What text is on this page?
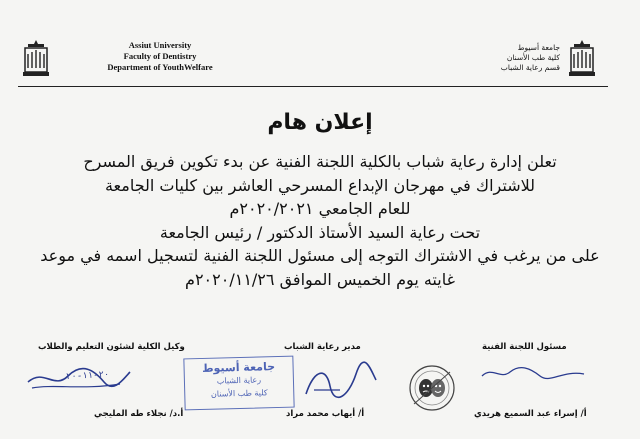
Assiut University
Faculty of Dentistry
Department of YouthWelfare
جامعة أسيوط
كلية طب الأسنان
قسم رعاية الشباب
إعلان هام
تعلن إدارة رعاية شباب بالكلية اللجنة الفنية عن بدء تكوين فريق المسرح
للاشتراك في مهرجان الإبداع المسرحي العاشر بين كليات الجامعة
للعام الجامعي ٢٠٢٠/٢٠٢١م
تحت رعاية السيد الأستاذ الدكتور / رئيس الجامعة
على من يرغب في الاشتراك التوجه إلى مسئول اللجنة الفنية لتسجيل اسمه في موعد
غايته يوم الخميس الموافق ٢٠٢٠/١١/٢٦م
وكيل الكلية لشئون التعليم والطلاب	مدير رعاية الشباب	مسئول اللجنة الفنية
٢٠-١١-٢٠
جامعة أسيوط
رعاية الشباب
كلية طب الأسنان
أ.د/ نجلاء طه المليجي	أ/ أيهاب محمد مراد	أ/ إسراء عبد السميع هريدي
